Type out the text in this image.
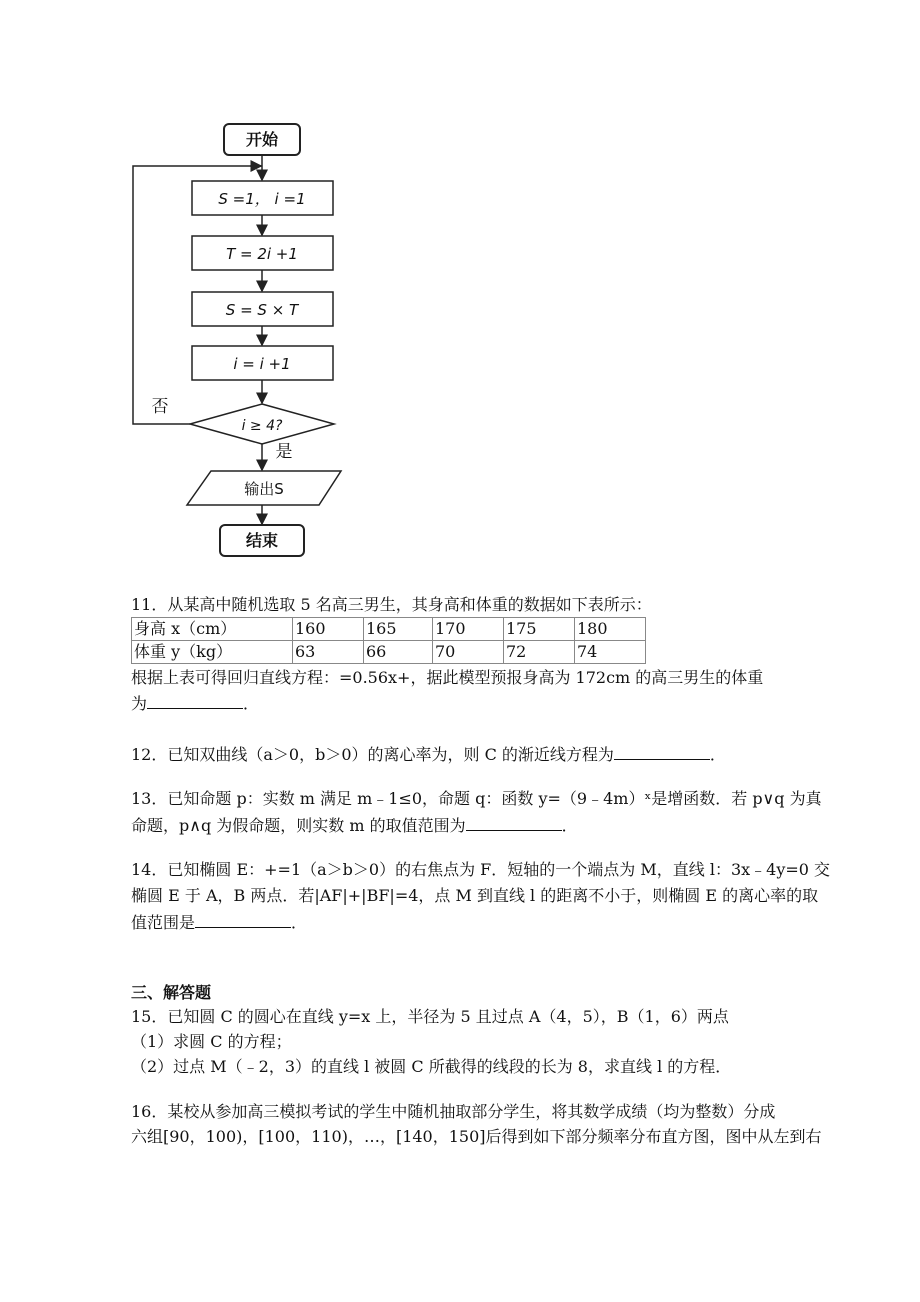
开始
S =1， i =1
T = 2i +1
S = S × T
i = i +1
i ≥ 4?
输出S
结束
否
是
11．从某高中随机选取 5 名高三男生，其身高和体重的数据如下表所示：
身高 x（cm）	160	165	170	175	180
体重 y（kg）	63	66	70	72	74
根据上表可得回归直线方程：=0.56x+，据此模型预报身高为 172cm 的高三男生的体重
为	．
12．已知双曲线（a＞0，b＞0）的离心率为，则 C 的渐近线方程为	．
13．已知命题 p：实数 m 满足 m﹣1≤0，命题 q：函数 y=（9﹣4m）ˣ是增函数．若 p∨q 为真
命题，p∧q 为假命题，则实数 m 的取值范围为	．
14．已知椭圆 E：+=1（a＞b＞0）的右焦点为 F．短轴的一个端点为 M，直线 l：3x﹣4y=0 交
椭圆 E 于 A，B 两点．若|AF|+|BF|=4，点 M 到直线 l 的距离不小于，则椭圆 E 的离心率的取
值范围是	．
三、解答题
15．已知圆 C 的圆心在直线 y=x 上，半径为 5 且过点 A（4，5），B（1，6）两点
（1）求圆 C 的方程；
（2）过点 M（﹣2，3）的直线 l 被圆 C 所截得的线段的长为 8，求直线 l 的方程．
16．某校从参加高三模拟考试的学生中随机抽取部分学生，将其数学成绩（均为整数）分成
六组[90，100)，[100，110)，…，[140，150]后得到如下部分频率分布直方图，图中从左到右
